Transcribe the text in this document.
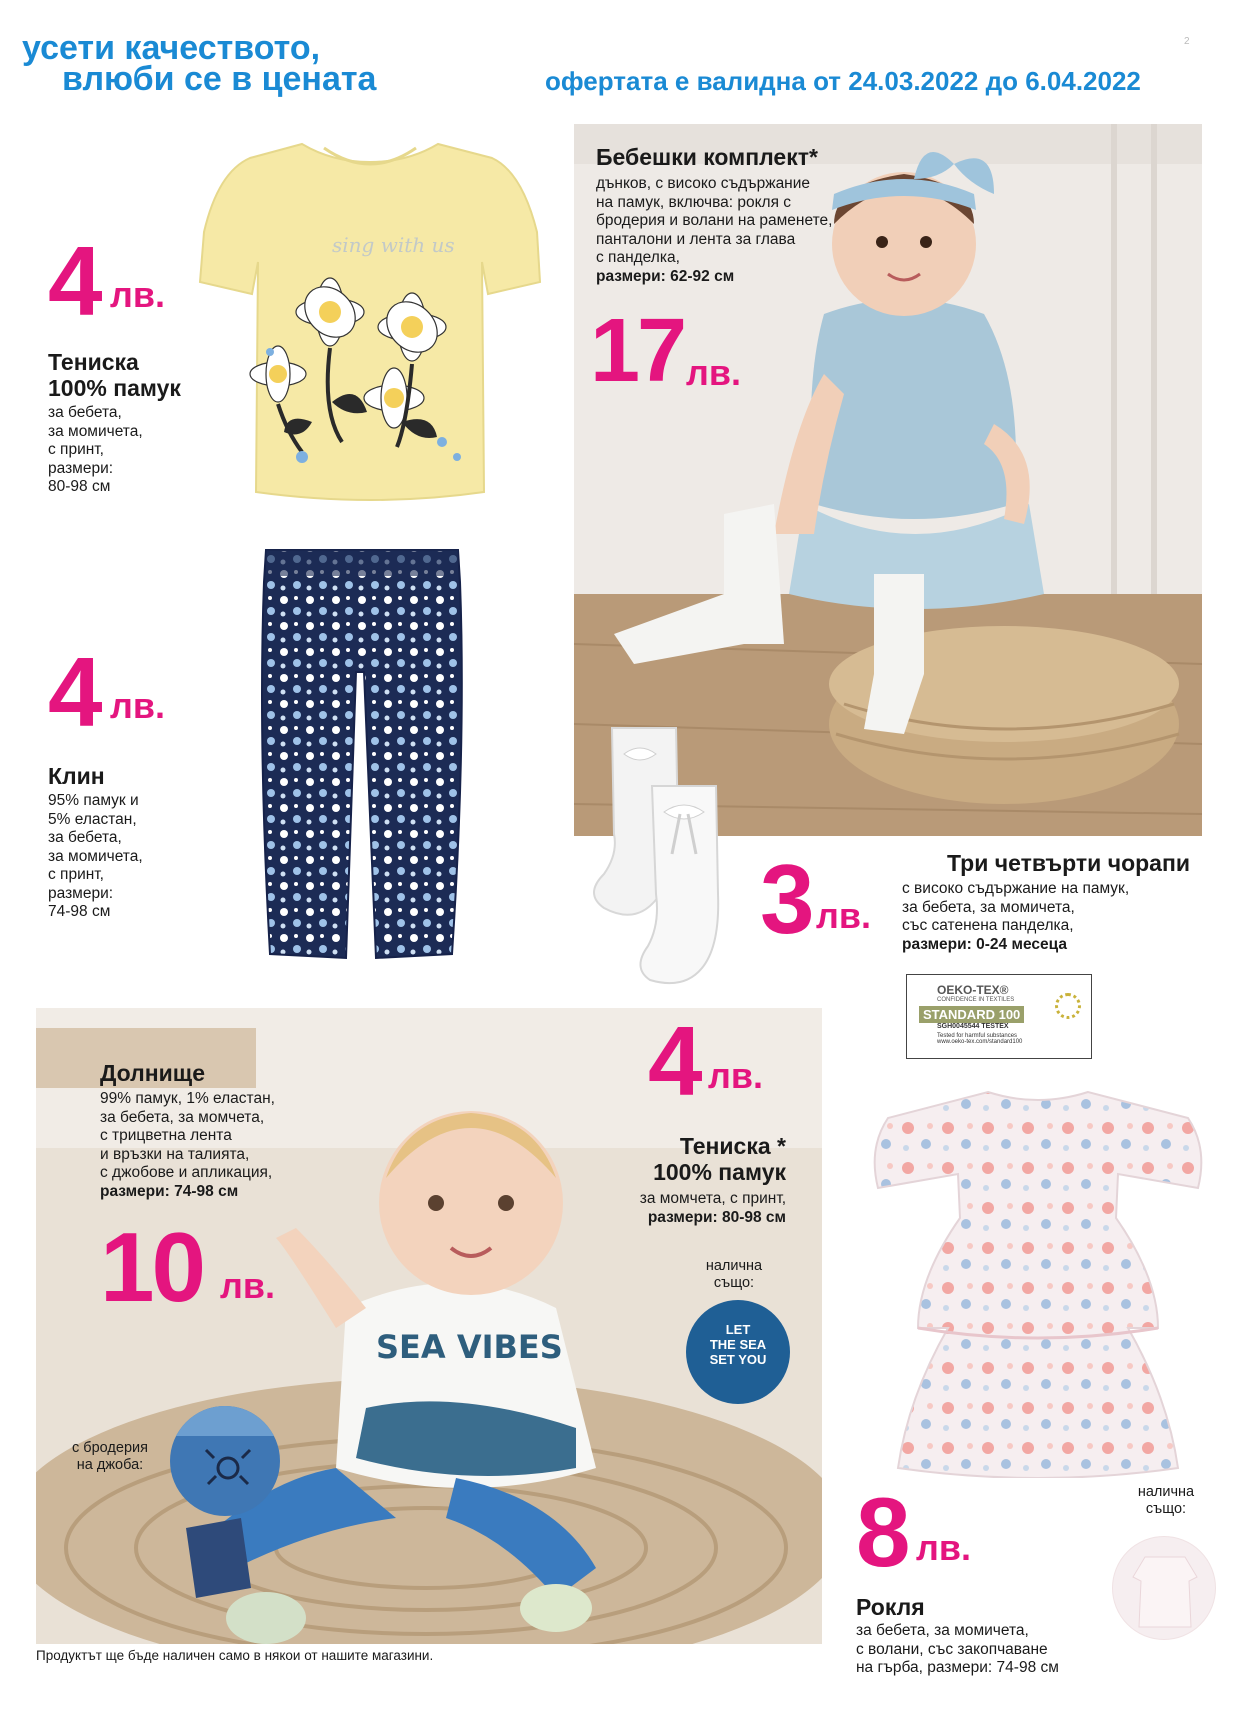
усети качеството,
влюби се в цената	офертата е валидна от 24.03.2022 до 6.04.2022
2
sing with us
4 лв.
Тениска
100% памук
за бебета,
за момичета,
с принт,
размери:
80-98 см
4 лв.
Клин
95% памук и
5% еластан,
за бебета,
за момичета,
с принт,
размери:
74-98 см
Бебешки комплект*
дънков, с високо съдържание
на памук, включва: рокля с
бродерия и волани на раменете,
панталони и лента за глава
с панделка,
размери: 62-92 см
17 лв.
3 лв.
Три четвърти чорапи
с високо съдържание на памук,
за бебета, за момичета,
със сатенена панделка,
размери: 0-24 месеца
OEKO-TEX®
CONFIDENCE IN TEXTILES
STANDARD 100
SGH0045544 TESTEX
Tested for harmful substances
www.oeko-tex.com/standard100
SEA VIBES
Долнище
99% памук, 1% еластан,
за бебета, за момчета,
с трицветна лента
и връзки на талията,
с джобове и апликация,
размери: 74-98 см
10 лв.
с бродерия
на джоба:
4 лв.
Тениска *
100% памук
за момчета, с принт,
размери: 80-98 см
налична
също:
LET
THE SEA
SET YOU
8 лв.
Рокля
за бебета, за момичета,
с волани, със закопчаване
на гърба, размери: 74-98 см
налична
също:
Продуктът ще бъде наличен само в някои от нашите магазини.
